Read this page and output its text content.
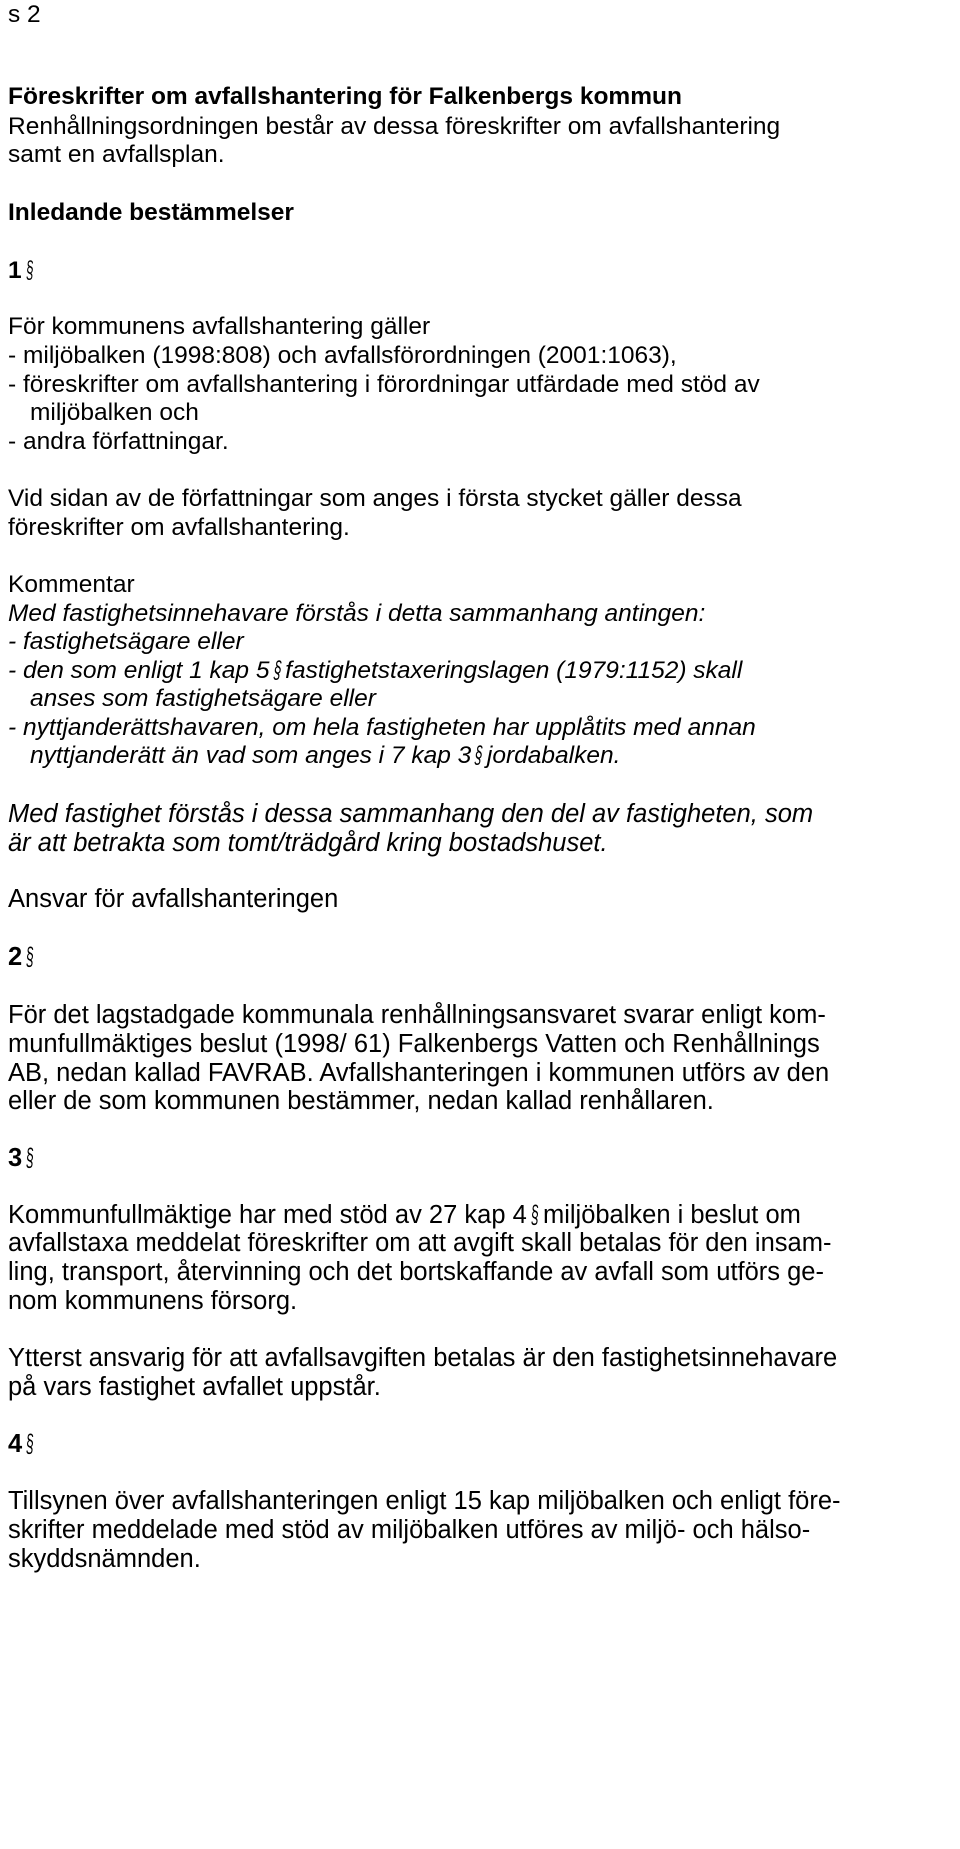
s 2
Föreskrifter om avfallshantering för Falkenbergs kommun
Renhållningsordningen består av dessa föreskrifter om avfallshantering
samt en avfallsplan.
Inledande bestämmelser
1 §
För kommunens avfallshantering gäller
- miljöbalken (1998:808) och avfallsförordningen (2001:1063),
- föreskrifter om avfallshantering i förordningar utfärdade med stöd av
miljöbalken och
- andra författningar.
Vid sidan av de författningar som anges i första stycket gäller dessa
föreskrifter om avfallshantering.
Kommentar
Med fastighetsinnehavare förstås i detta sammanhang antingen:
- fastighetsägare eller
- den som enligt 1 kap 5 § fastighetstaxeringslagen (1979:1152) skall
anses som fastighetsägare eller
- nyttjanderättshavaren, om hela fastigheten har upplåtits med annan
nyttjanderätt än vad som anges i 7 kap 3 § jordabalken.
Med fastighet förstås i dessa sammanhang den del av fastigheten, som
är att betrakta som tomt/trädgård kring bostadshuset.
Ansvar för avfallshanteringen
2 §
För det lagstadgade kommunala renhållningsansvaret svarar enligt kom-
munfullmäktiges beslut (1998/ 61) Falkenbergs Vatten och Renhållnings
AB, nedan kallad FAVRAB. Avfallshanteringen i kommunen utförs av den
eller de som kommunen bestämmer, nedan kallad renhållaren.
3 §
Kommunfullmäktige har med stöd av 27 kap 4 § miljöbalken i beslut om
avfallstaxa meddelat föreskrifter om att avgift skall betalas för den insam-
ling, transport, återvinning och det bortskaffande av avfall som utförs ge-
nom kommunens försorg.
Ytterst ansvarig för att avfallsavgiften betalas är den fastighetsinnehavare
på vars fastighet avfallet uppstår.
4 §
Tillsynen över avfallshanteringen enligt 15 kap miljöbalken och enligt före-
skrifter meddelade med stöd av miljöbalken utföres av miljö- och hälso-
skyddsnämnden.
